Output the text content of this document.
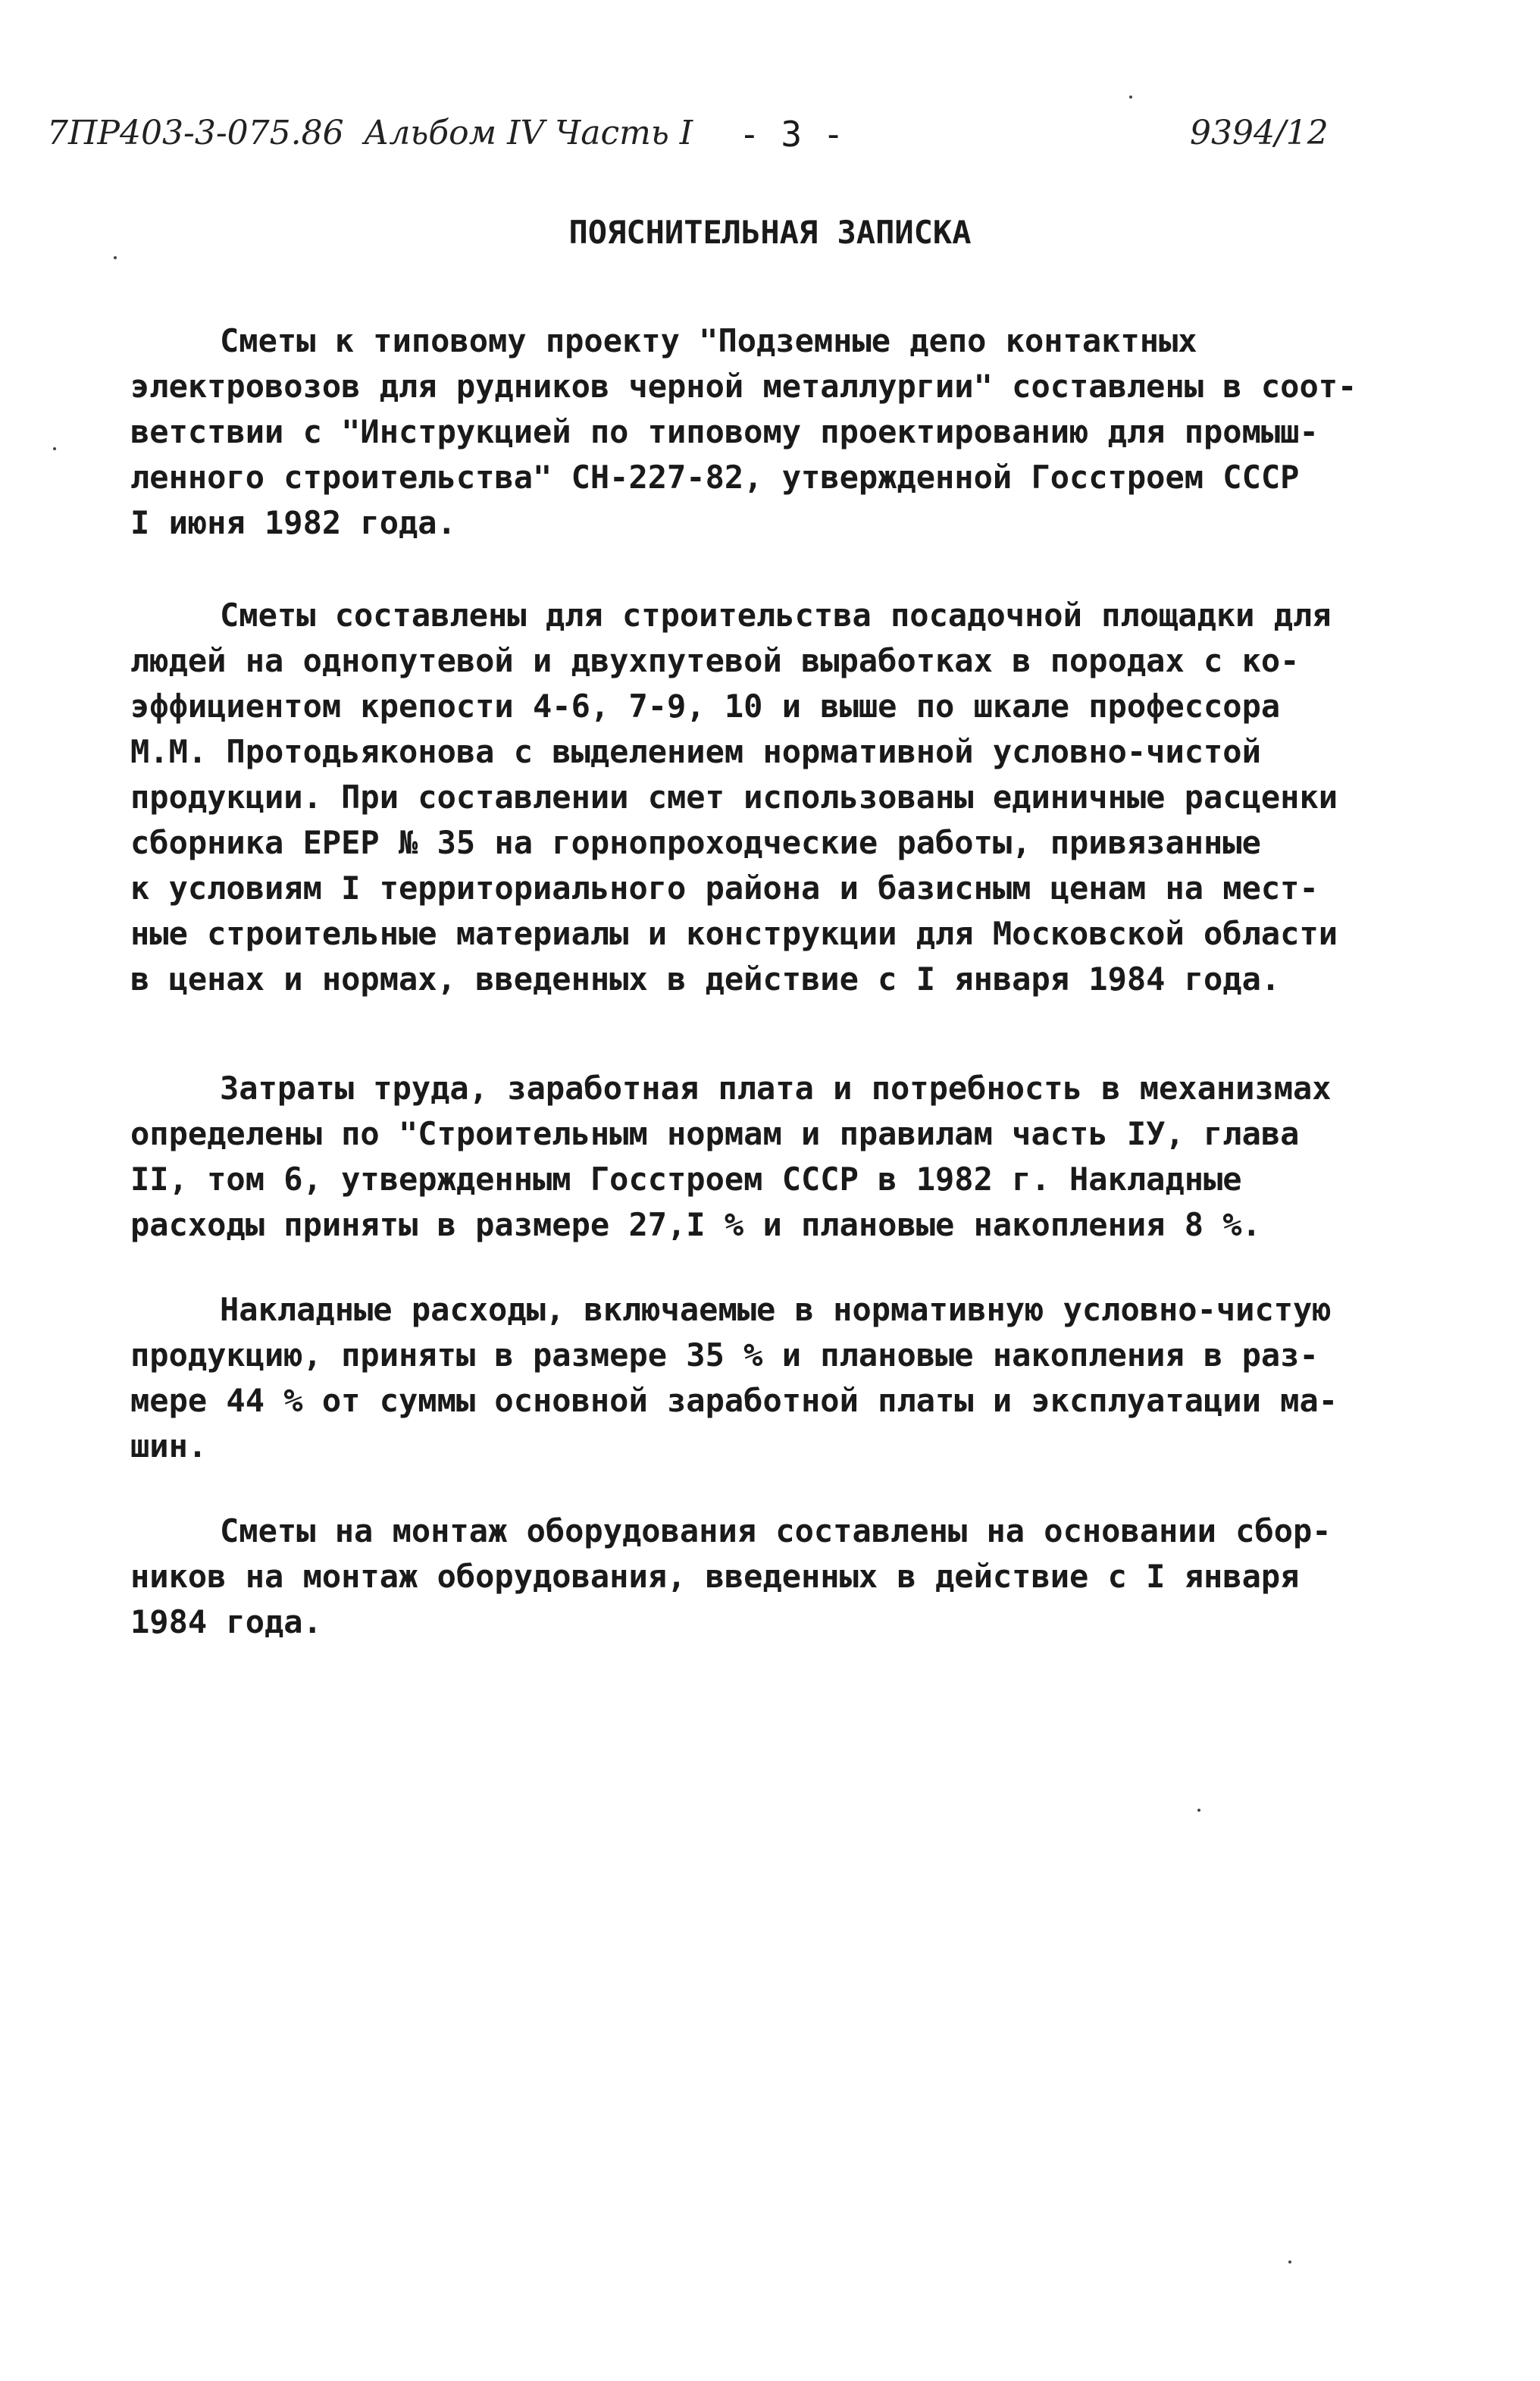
7ПР403-3-075.86 Альбом IV Часть I - 3 -	9394/12
ПОЯСНИТЕЛЬНАЯ ЗАПИСКА
Сметы к типовому проекту "Подземные депо контактных
электровозов для рудников черной металлургии" составлены в соот-
ветствии с "Инструкцией по типовому проектированию для промыш-
ленного строительства" СН-227-82, утвержденной Госстроем СССР
I июня 1982 года.
Сметы составлены для строительства посадочной площадки для
людей на однопутевой и двухпутевой выработках в породах с ко-
эффициентом крепости 4-6, 7-9, 10 и выше по шкале профессора
М.М. Протодьяконова с выделением нормативной условно-чистой
продукции. При составлении смет использованы единичные расценки
сборника ЕРЕР № 35 на горнопроходческие работы, привязанные
к условиям I территориального района и базисным ценам на мест-
ные строительные материалы и конструкции для Московской области
в ценах и нормах, введенных в действие с I января 1984 года.
Затраты труда, заработная плата и потребность в механизмах
определены по "Строительным нормам и правилам часть IУ, глава
II, том 6, утвержденным Госстроем СССР в 1982 г. Накладные
расходы приняты в размере 27,I % и плановые накопления 8 %.
Накладные расходы, включаемые в нормативную условно-чистую
продукцию, приняты в размере 35 % и плановые накопления в раз-
мере 44 % от суммы основной заработной платы и эксплуатации ма-
шин.
Сметы на монтаж оборудования составлены на основании сбор-
ников на монтаж оборудования, введенных в действие с I января
1984 года.
